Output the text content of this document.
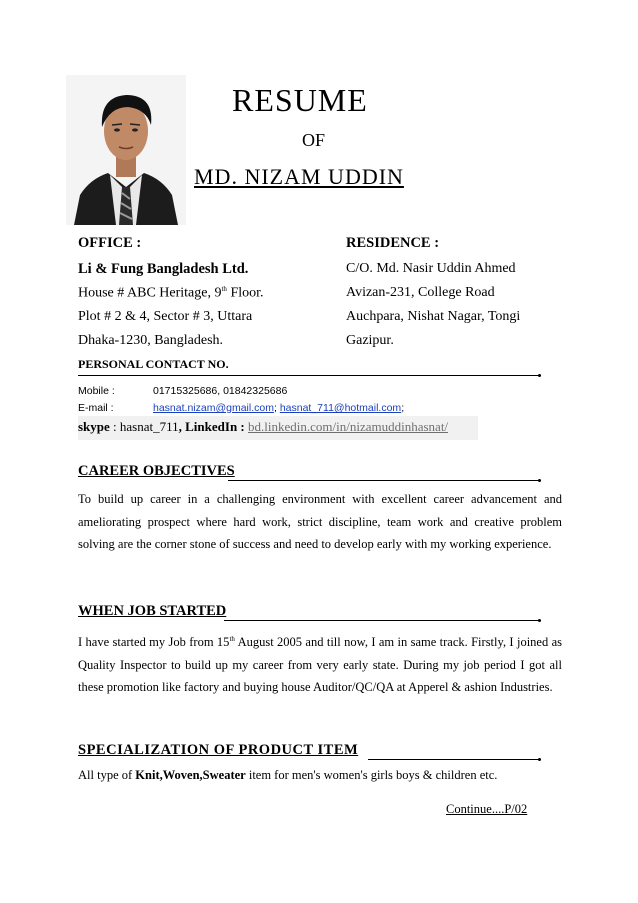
RESUME
OF
MD. NIZAM UDDIN
OFFICE :
Li & Fung Bangladesh Ltd.
House # ABC Heritage, 9th Floor.
Plot # 2 & 4, Sector # 3, Uttara
Dhaka-1230, Bangladesh.
RESIDENCE :
C/O. Md. Nasir Uddin Ahmed
Avizan-231, College Road
Auchpara, Nishat Nagar, Tongi
Gazipur.
PERSONAL CONTACT NO.
Mobile :	01715325686, 01842325686
E-mail :	hasnat.nizam@gmail.com; hasnat_711@hotmail.com;
skype : hasnat_711, LinkedIn : bd.linkedin.com/in/nizamuddinhasnat/
CAREER OBJECTIVES
To build up career in a challenging environment with excellent career advancement and ameliorating prospect where hard work, strict discipline, team work and creative problem solving are the corner stone of success and need to develop early with my working experience.
WHEN JOB STARTED
I have started my Job from 15th August 2005 and till now, I am in same track. Firstly, I joined as Quality Inspector to build up my career from very early state. During my job period I got all these promotion like factory and buying house Auditor/QC/QA at Apperel & ashion Industries.
SPECIALIZATION OF PRODUCT ITEM
All type of Knit,Woven,Sweater item for men's women's girls boys & children etc.
Continue....P/02
